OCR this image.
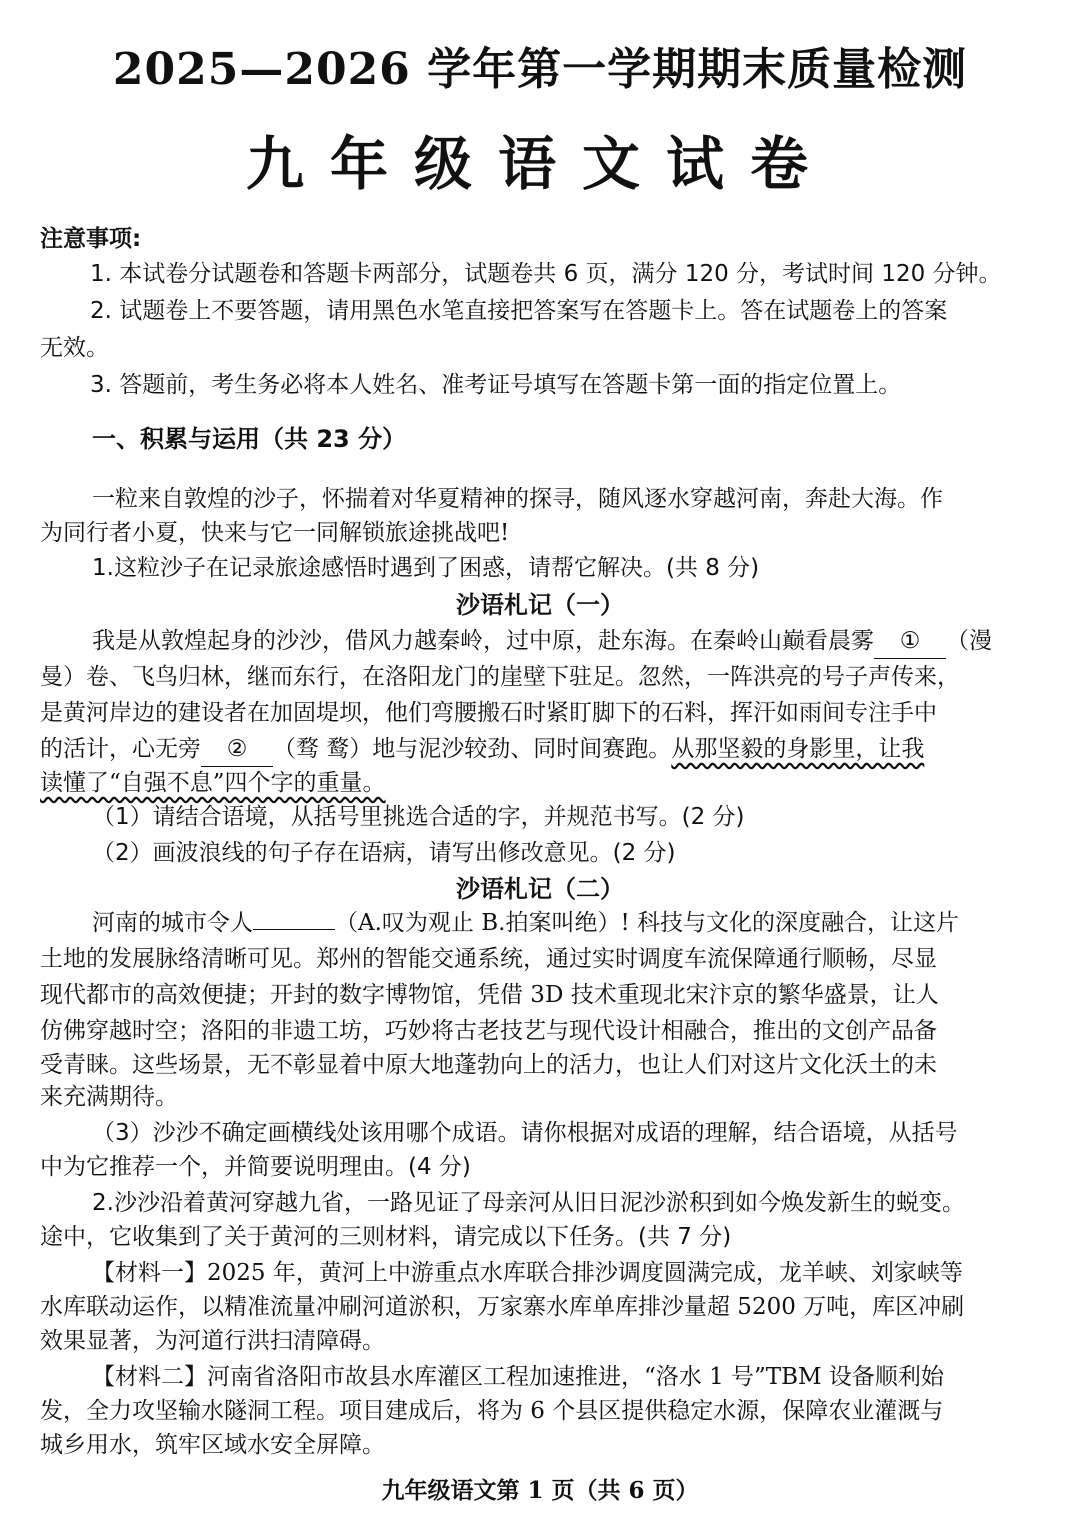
2025—2026 学年第一学期期末质量检测
九年级语文试卷
注意事项:
1. 本试卷分试题卷和答题卡两部分，试题卷共 6 页，满分 120 分，考试时间 120 分钟。
2. 试题卷上不要答题，请用黑色水笔直接把答案写在答题卡上。答在试题卷上的答案
无效。
3. 答题前，考生务必将本人姓名、准考证号填写在答题卡第一面的指定位置上。
一、积累与运用（共 23 分）
一粒来自敦煌的沙子，怀揣着对华夏精神的探寻，随风逐水穿越河南，奔赴大海。作
为同行者小夏，快来与它一同解锁旅途挑战吧!
1.这粒沙子在记录旅途感悟时遇到了困惑，请帮它解决。(共 8 分)
沙语札记（一）
我是从敦煌起身的沙沙，借风力越秦岭，过中原，赴东海。在秦岭山巅看晨雾 ① （漫
曼）卷、飞鸟归林，继而东行，在洛阳龙门的崖壁下驻足。忽然，一阵洪亮的号子声传来，
是黄河岸边的建设者在加固堤坝，他们弯腰搬石时紧盯脚下的石料，挥汗如雨间专注手中
的活计，心无旁 ② （骛 鹜）地与泥沙较劲、同时间赛跑。从那坚毅的身影里，让我
读懂了“自强不息”四个字的重量。
（1）请结合语境，从括号里挑选合适的字，并规范书写。(2 分)
（2）画波浪线的句子存在语病，请写出修改意见。(2 分)
沙语札记（二）
河南的城市令人	（A.叹为观止 B.拍案叫绝）! 科技与文化的深度融合，让这片
土地的发展脉络清晰可见。郑州的智能交通系统，通过实时调度车流保障通行顺畅，尽显
现代都市的高效便捷；开封的数字博物馆，凭借 3D 技术重现北宋汴京的繁华盛景，让人
仿佛穿越时空；洛阳的非遗工坊，巧妙将古老技艺与现代设计相融合，推出的文创产品备
受青睐。这些场景，无不彰显着中原大地蓬勃向上的活力，也让人们对这片文化沃土的未
来充满期待。
（3）沙沙不确定画横线处该用哪个成语。请你根据对成语的理解，结合语境，从括号
中为它推荐一个，并简要说明理由。(4 分)
2.沙沙沿着黄河穿越九省，一路见证了母亲河从旧日泥沙淤积到如今焕发新生的蜕变。
途中，它收集到了关于黄河的三则材料，请完成以下任务。(共 7 分)
【材料一】2025 年，黄河上中游重点水库联合排沙调度圆满完成，龙羊峡、刘家峡等
水库联动运作，以精准流量冲刷河道淤积，万家寨水库单库排沙量超 5200 万吨，库区冲刷
效果显著，为河道行洪扫清障碍。
【材料二】河南省洛阳市故县水库灌区工程加速推进，“洛水 1 号”TBM 设备顺利始
发，全力攻坚输水隧洞工程。项目建成后，将为 6 个县区提供稳定水源，保障农业灌溉与
城乡用水，筑牢区域水安全屏障。
九年级语文第 1 页（共 6 页）
